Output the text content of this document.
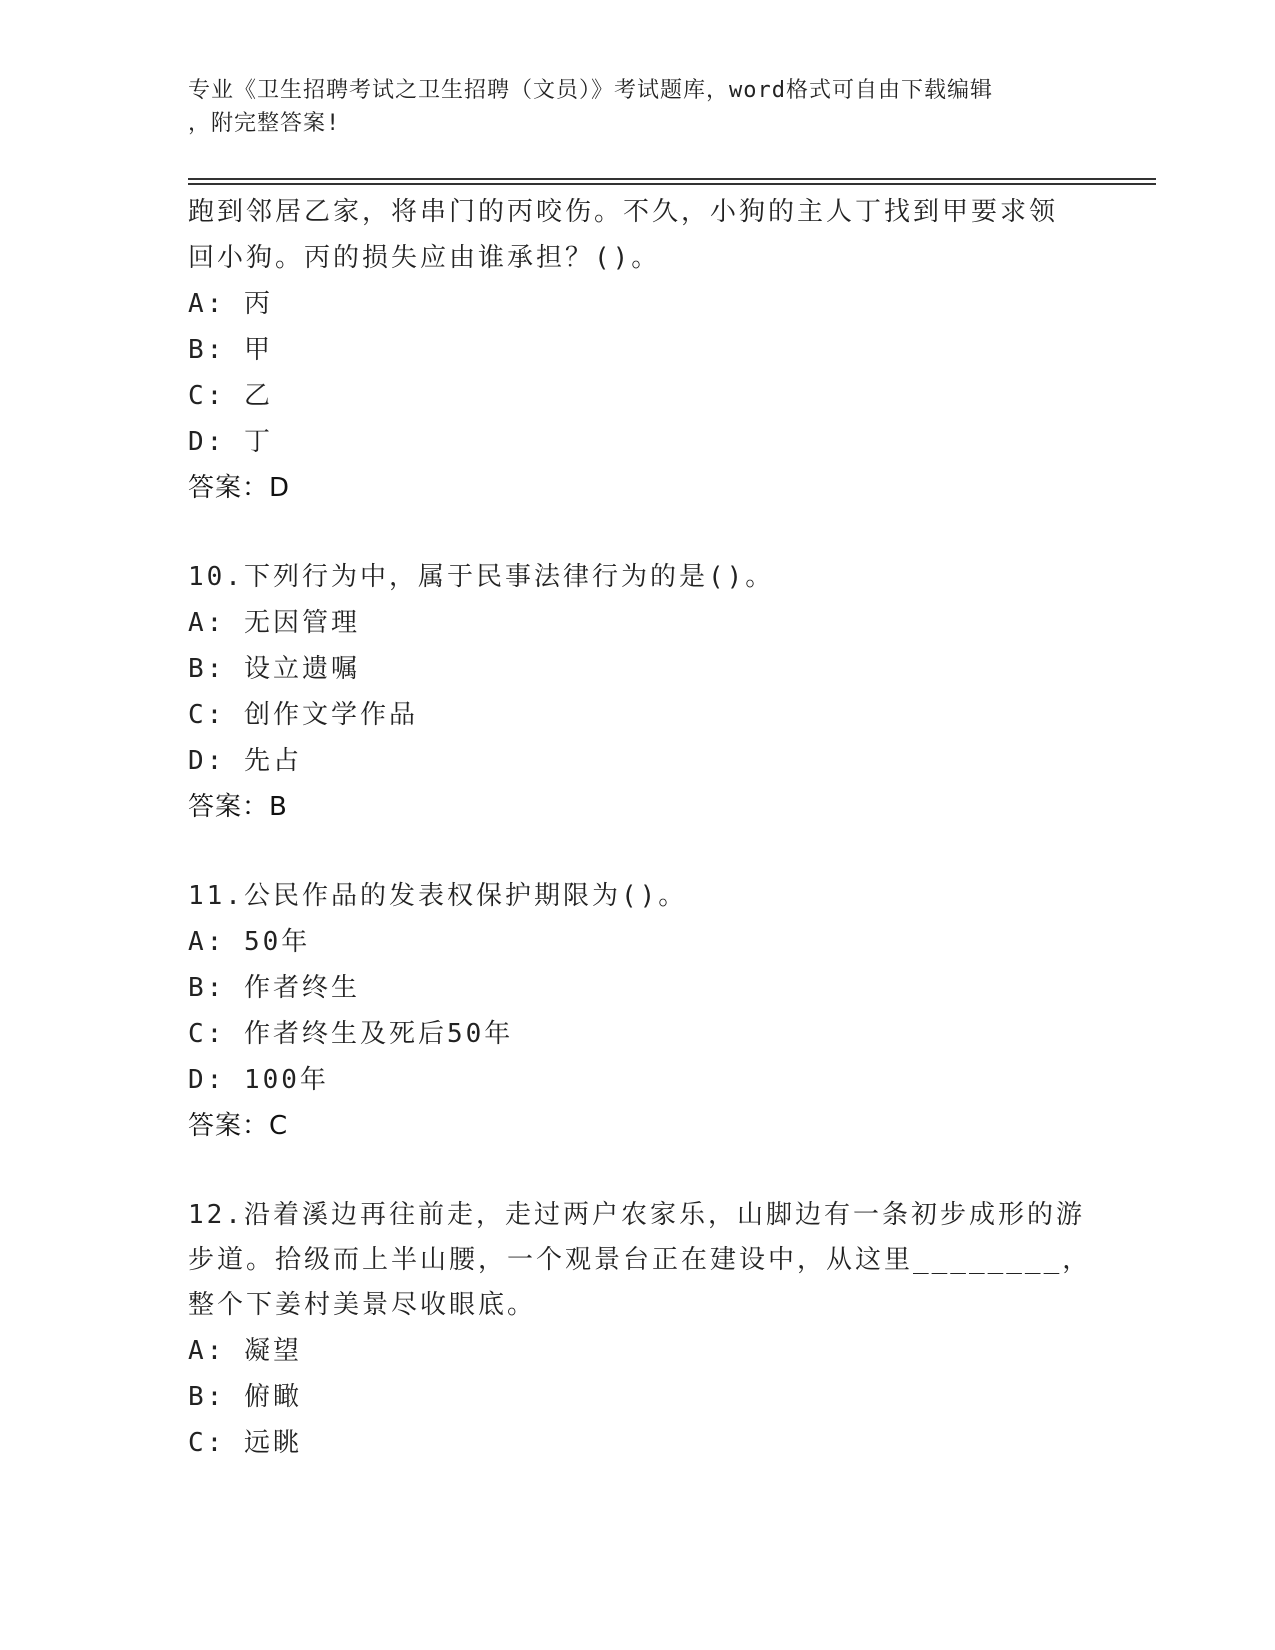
专业《卫生招聘考试之卫生招聘（文员）》考试题库，word格式可自由下载编辑
，附完整答案!
跑到邻居乙家，将串门的丙咬伤。不久，小狗的主人丁找到甲要求领
回小狗。丙的损失应由谁承担？()。
A: 丙
B: 甲
C: 乙
D: 丁
答案：D
10.下列行为中，属于民事法律行为的是()。
A: 无因管理
B: 设立遗嘱
C: 创作文学作品
D: 先占
答案：B
11.公民作品的发表权保护期限为()。
A: 50年
B: 作者终生
C: 作者终生及死后50年
D: 100年
答案：C
12.沿着溪边再往前走，走过两户农家乐，山脚边有一条初步成形的游
步道。拾级而上半山腰，一个观景台正在建设中，从这里________，
整个下姜村美景尽收眼底。
A: 凝望
B: 俯瞰
C: 远眺
